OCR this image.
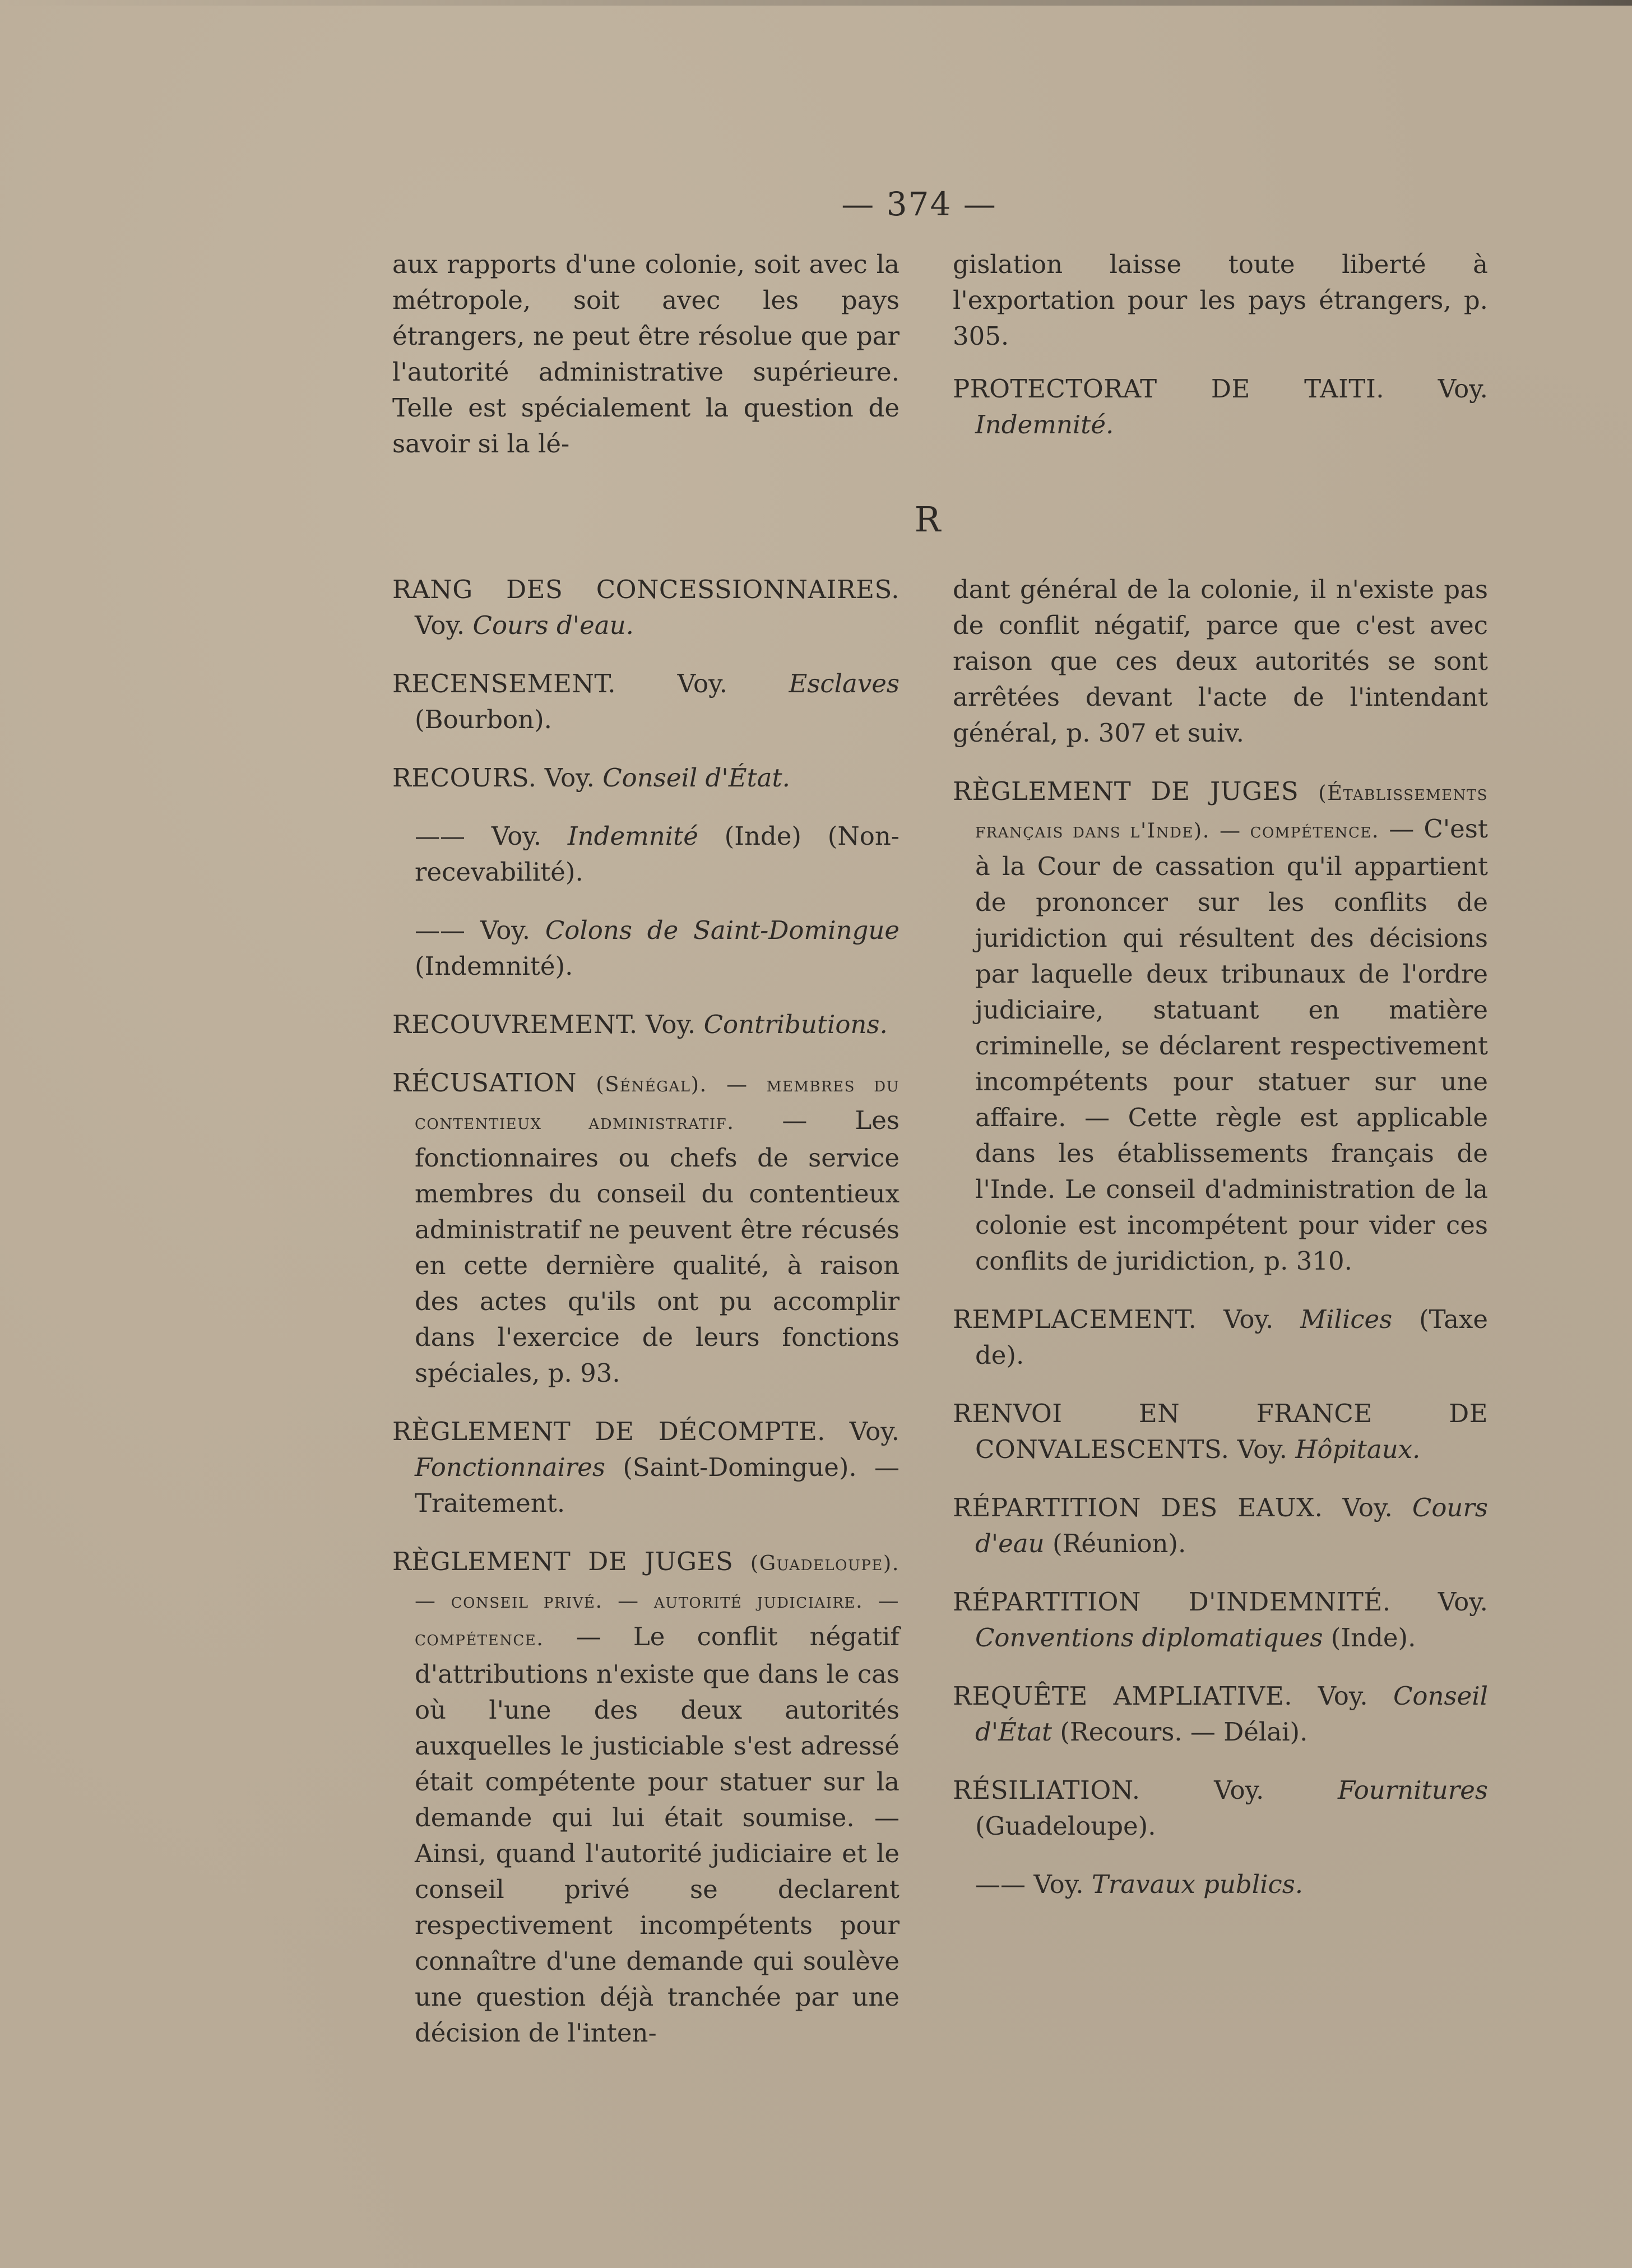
— 374 —

aux rapports d'une colonie, soit avec la métropole, soit avec les pays étrangers, ne peut être résolue que par l'autorité administrative supérieure. Telle est spécialement la question de savoir si la lé-

gislation laisse toute liberté à l'exportation pour les pays étrangers, p. 305.

PROTECTORAT DE TAITI. Voy. Indemnité.

R

RANG DES CONCESSIONNAIRES. Voy. Cours d'eau.

RECENSEMENT. Voy. Esclaves (Bourbon).

RECOURS. Voy. Conseil d'État.

—— Voy. Indemnité (Inde) (Non-recevabilité).

—— Voy. Colons de Saint-Domingue (Indemnité).

RECOUVREMENT. Voy. Contributions.

RÉCUSATION (Sénégal). — membres du contentieux administratif. — Les fonctionnaires ou chefs de service membres du conseil du contentieux administratif ne peuvent être récusés en cette dernière qualité, à raison des actes qu'ils ont pu accomplir dans l'exercice de leurs fonctions spéciales, p. 93.

RÈGLEMENT DE DÉCOMPTE. Voy. Fonctionnaires (Saint-Domingue). — Traitement.

RÈGLEMENT DE JUGES (Guadeloupe). — conseil privé. — autorité judiciaire. — compétence. — Le conflit négatif d'attributions n'existe que dans le cas où l'une des deux autorités auxquelles le justiciable s'est adressé était compétente pour statuer sur la demande qui lui était soumise. — Ainsi, quand l'autorité judiciaire et le conseil privé se declarent respectivement incompétents pour connaître d'une demande qui soulève une question déjà tranchée par une décision de l'inten-

dant général de la colonie, il n'existe pas de conflit négatif, parce que c'est avec raison que ces deux autorités se sont arrêtées devant l'acte de l'intendant général, p. 307 et suiv.

RÈGLEMENT DE JUGES (Établissements français dans l'Inde). — compétence. — C'est à la Cour de cassation qu'il appartient de prononcer sur les conflits de juridiction qui résultent des décisions par laquelle deux tribunaux de l'ordre judiciaire, statuant en matière criminelle, se déclarent respectivement incompétents pour statuer sur une affaire. — Cette règle est applicable dans les établissements français de l'Inde. Le conseil d'administration de la colonie est incompétent pour vider ces conflits de juridiction, p. 310.

REMPLACEMENT. Voy. Milices (Taxe de).

RENVOI EN FRANCE DE CONVALESCENTS. Voy. Hôpitaux.

RÉPARTITION DES EAUX. Voy. Cours d'eau (Réunion).

RÉPARTITION D'INDEMNITÉ. Voy. Conventions diplomatiques (Inde).

REQUÊTE AMPLIATIVE. Voy. Conseil d'État (Recours. — Délai).

RÉSILIATION.	Voy.	Fournitures (Guadeloupe).

—— Voy. Travaux publics.
